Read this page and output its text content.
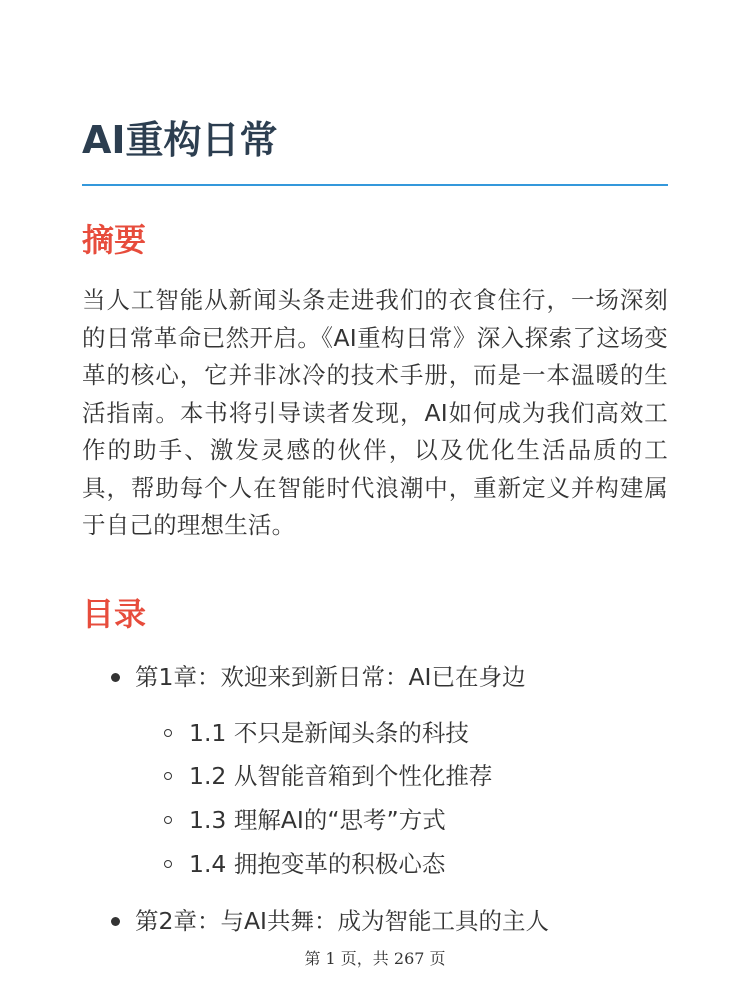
AI重构日常
摘要

当人工智能从新闻头条走进我们的衣食住行，一场深刻的日常革命已然开启。《AI重构日常》深入探索了这场变革的核心，它并非冰冷的技术手册，而是一本温暖的生活指南。本书将引导读者发现，AI如何成为我们高效工作的助手、激发灵感的伙伴，以及优化生活品质的工具，帮助每个人在智能时代浪潮中，重新定义并构建属于自己的理想生活。

目录
第1章：欢迎来到新日常：AI已在身边
1.1 不只是新闻头条的科技
1.2 从智能音箱到个性化推荐
1.3 理解AI的“思考”方式
1.4 拥抱变革的积极心态
第2章：与AI共舞：成为智能工具的主人
第 1 页，共 267 页
